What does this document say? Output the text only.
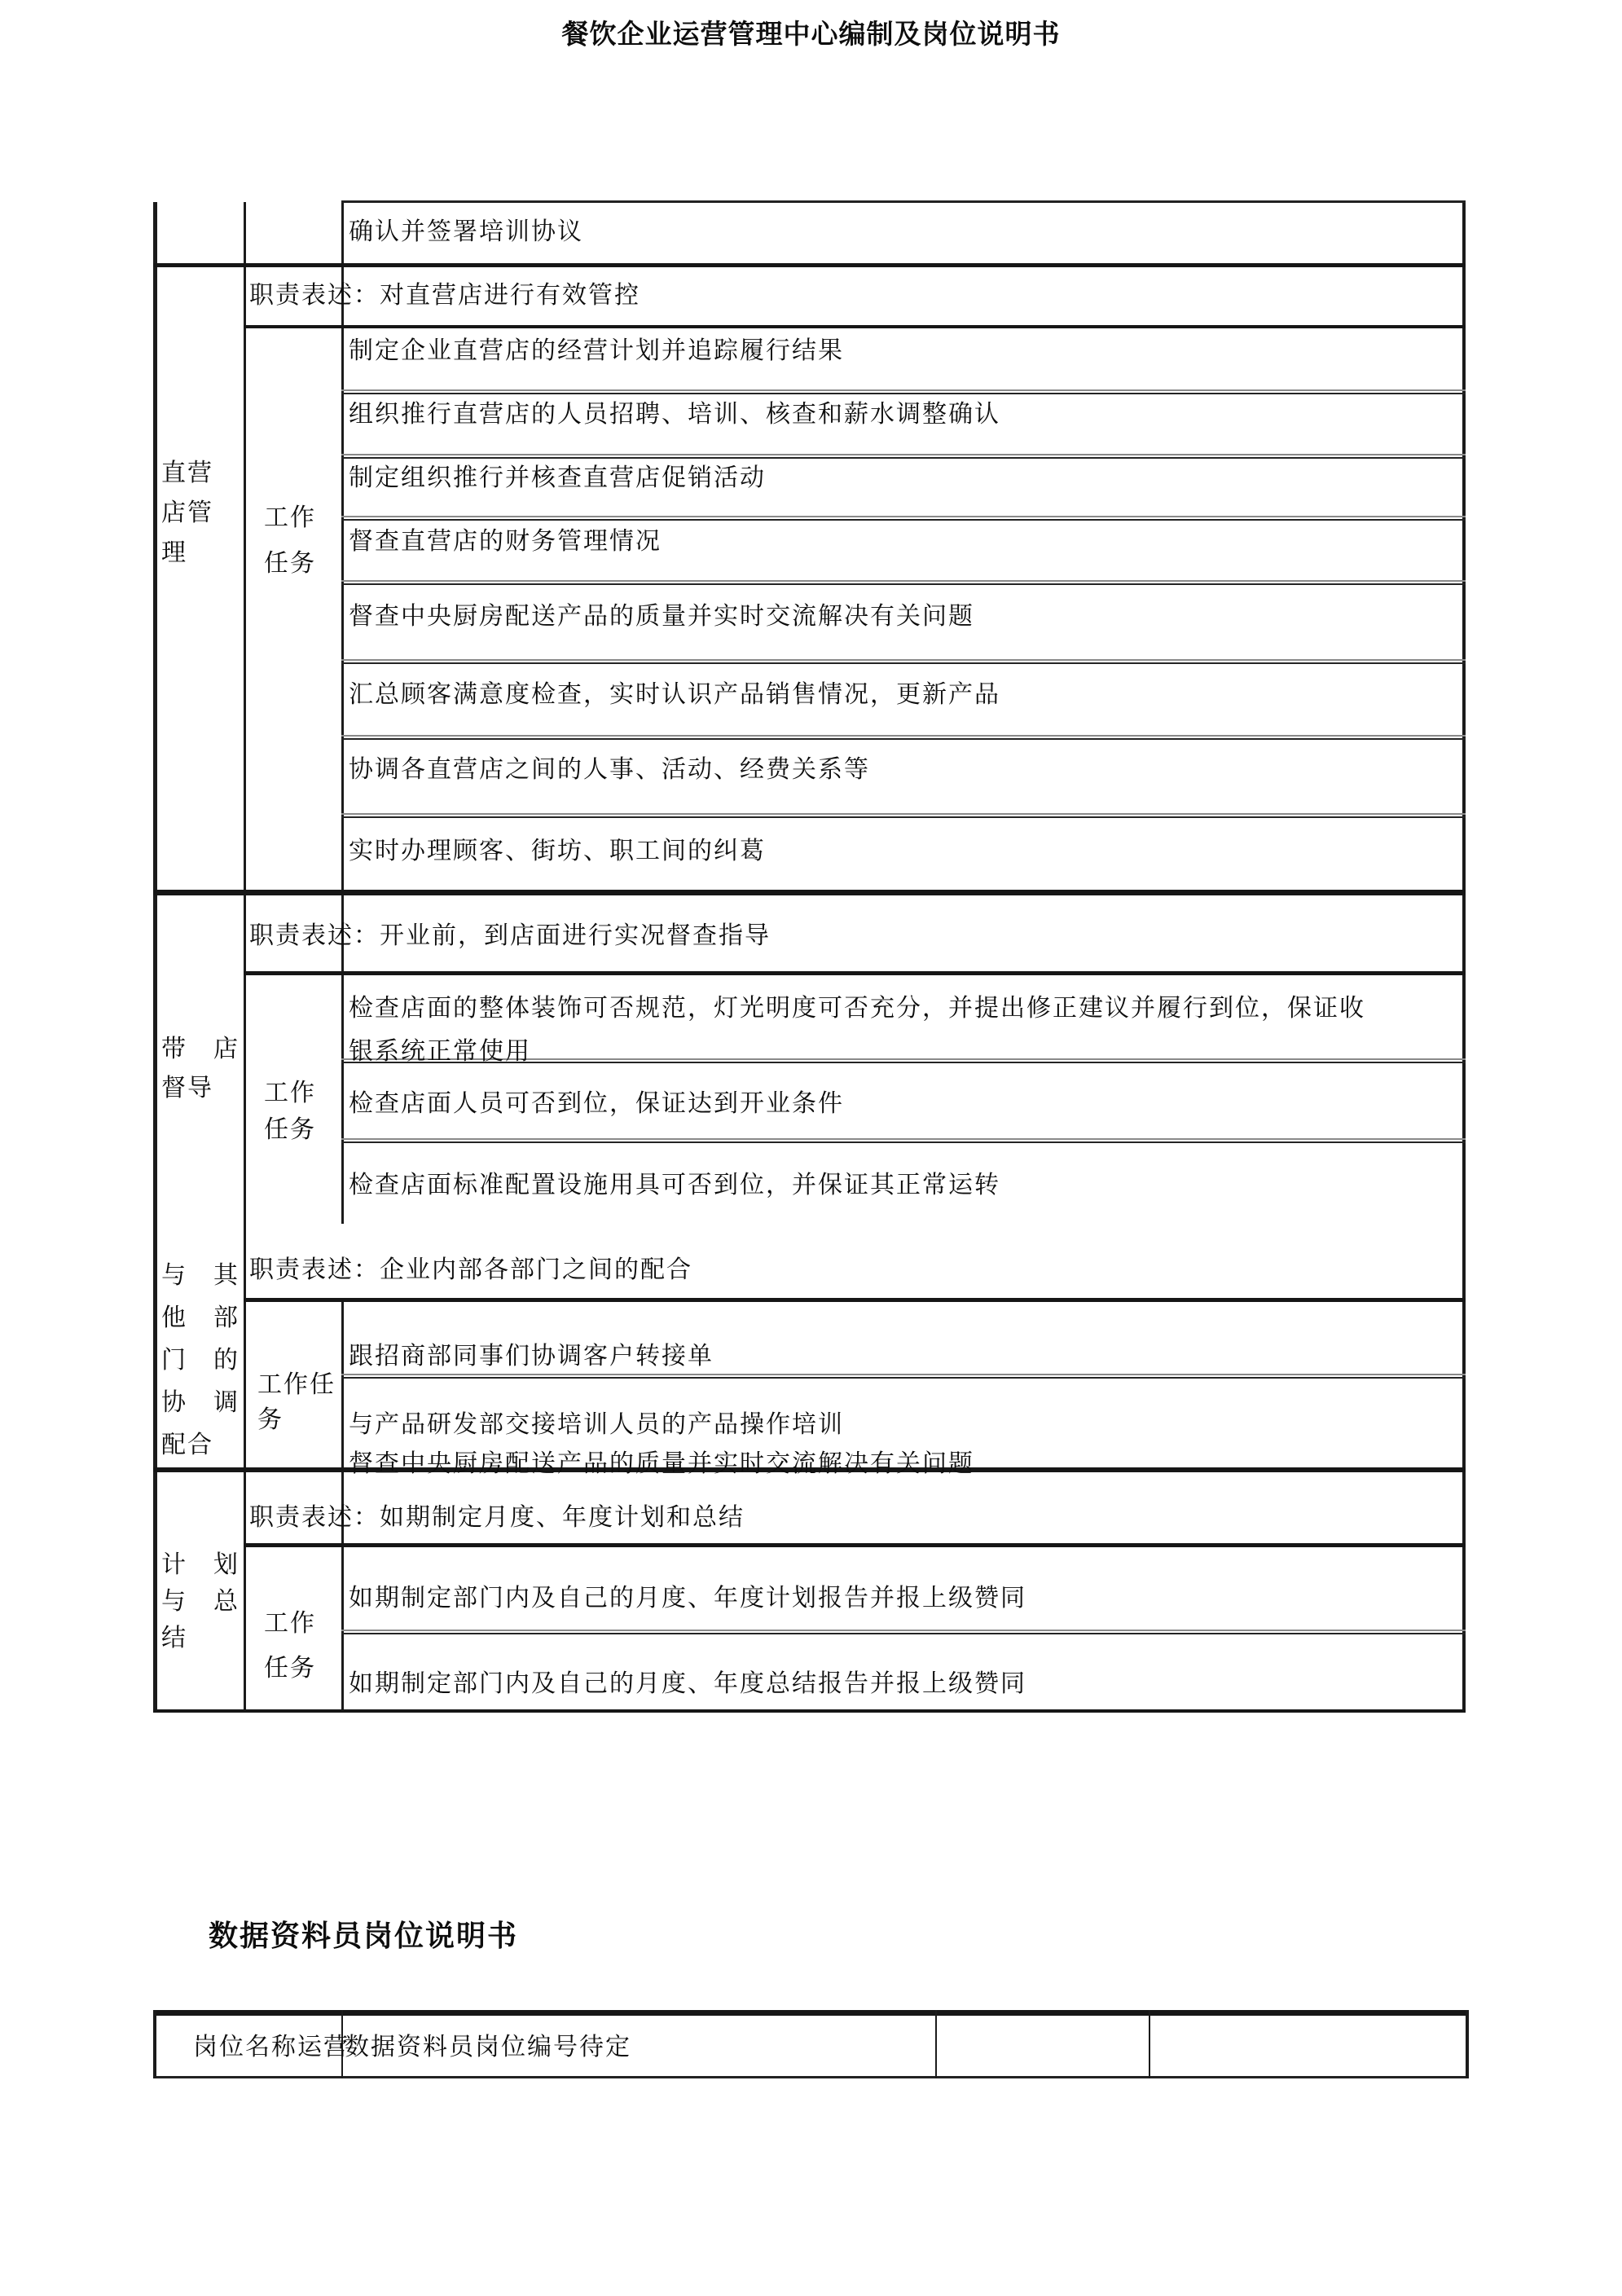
餐饮企业运营管理中心编制及岗位说明书
确认并签署培训协议
职责表述：对直营店进行有效管控
直营
店管
理
工作
任务
制定企业直营店的经营计划并追踪履行结果
组织推行直营店的人员招聘、培训、核查和薪水调整确认
制定组织推行并核查直营店促销活动
督查直营店的财务管理情况
督查中央厨房配送产品的质量并实时交流解决有关问题
汇总顾客满意度检查，实时认识产品销售情况，更新产品
协调各直营店之间的人事、活动、经费关系等
实时办理顾客、街坊、职工间的纠葛
职责表述：开业前，到店面进行实况督查指导
带　店
督导	工作
任务
检查店面的整体装饰可否规范，灯光明度可否充分，并提出修正建议并履行到位，保证收
银系统正常使用
检查店面人员可否到位，保证达到开业条件
检查店面标准配置设施用具可否到位，并保证其正常运转
职责表述：企业内部各部门之间的配合
与　其
他　部
门　的
协　调
配合
工作任
务
跟招商部同事们协调客户转接单
与产品研发部交接培训人员的产品操作培训
督查中央厨房配送产品的质量并实时交流解决有关问题
职责表述：如期制定月度、年度计划和总结
计　划
与　总
结
工作
任务
如期制定部门内及自己的月度、年度计划报告并报上级赞同
如期制定部门内及自己的月度、年度总结报告并报上级赞同
数据资料员岗位说明书
岗位名称运营
数据资料员岗位编号待定
